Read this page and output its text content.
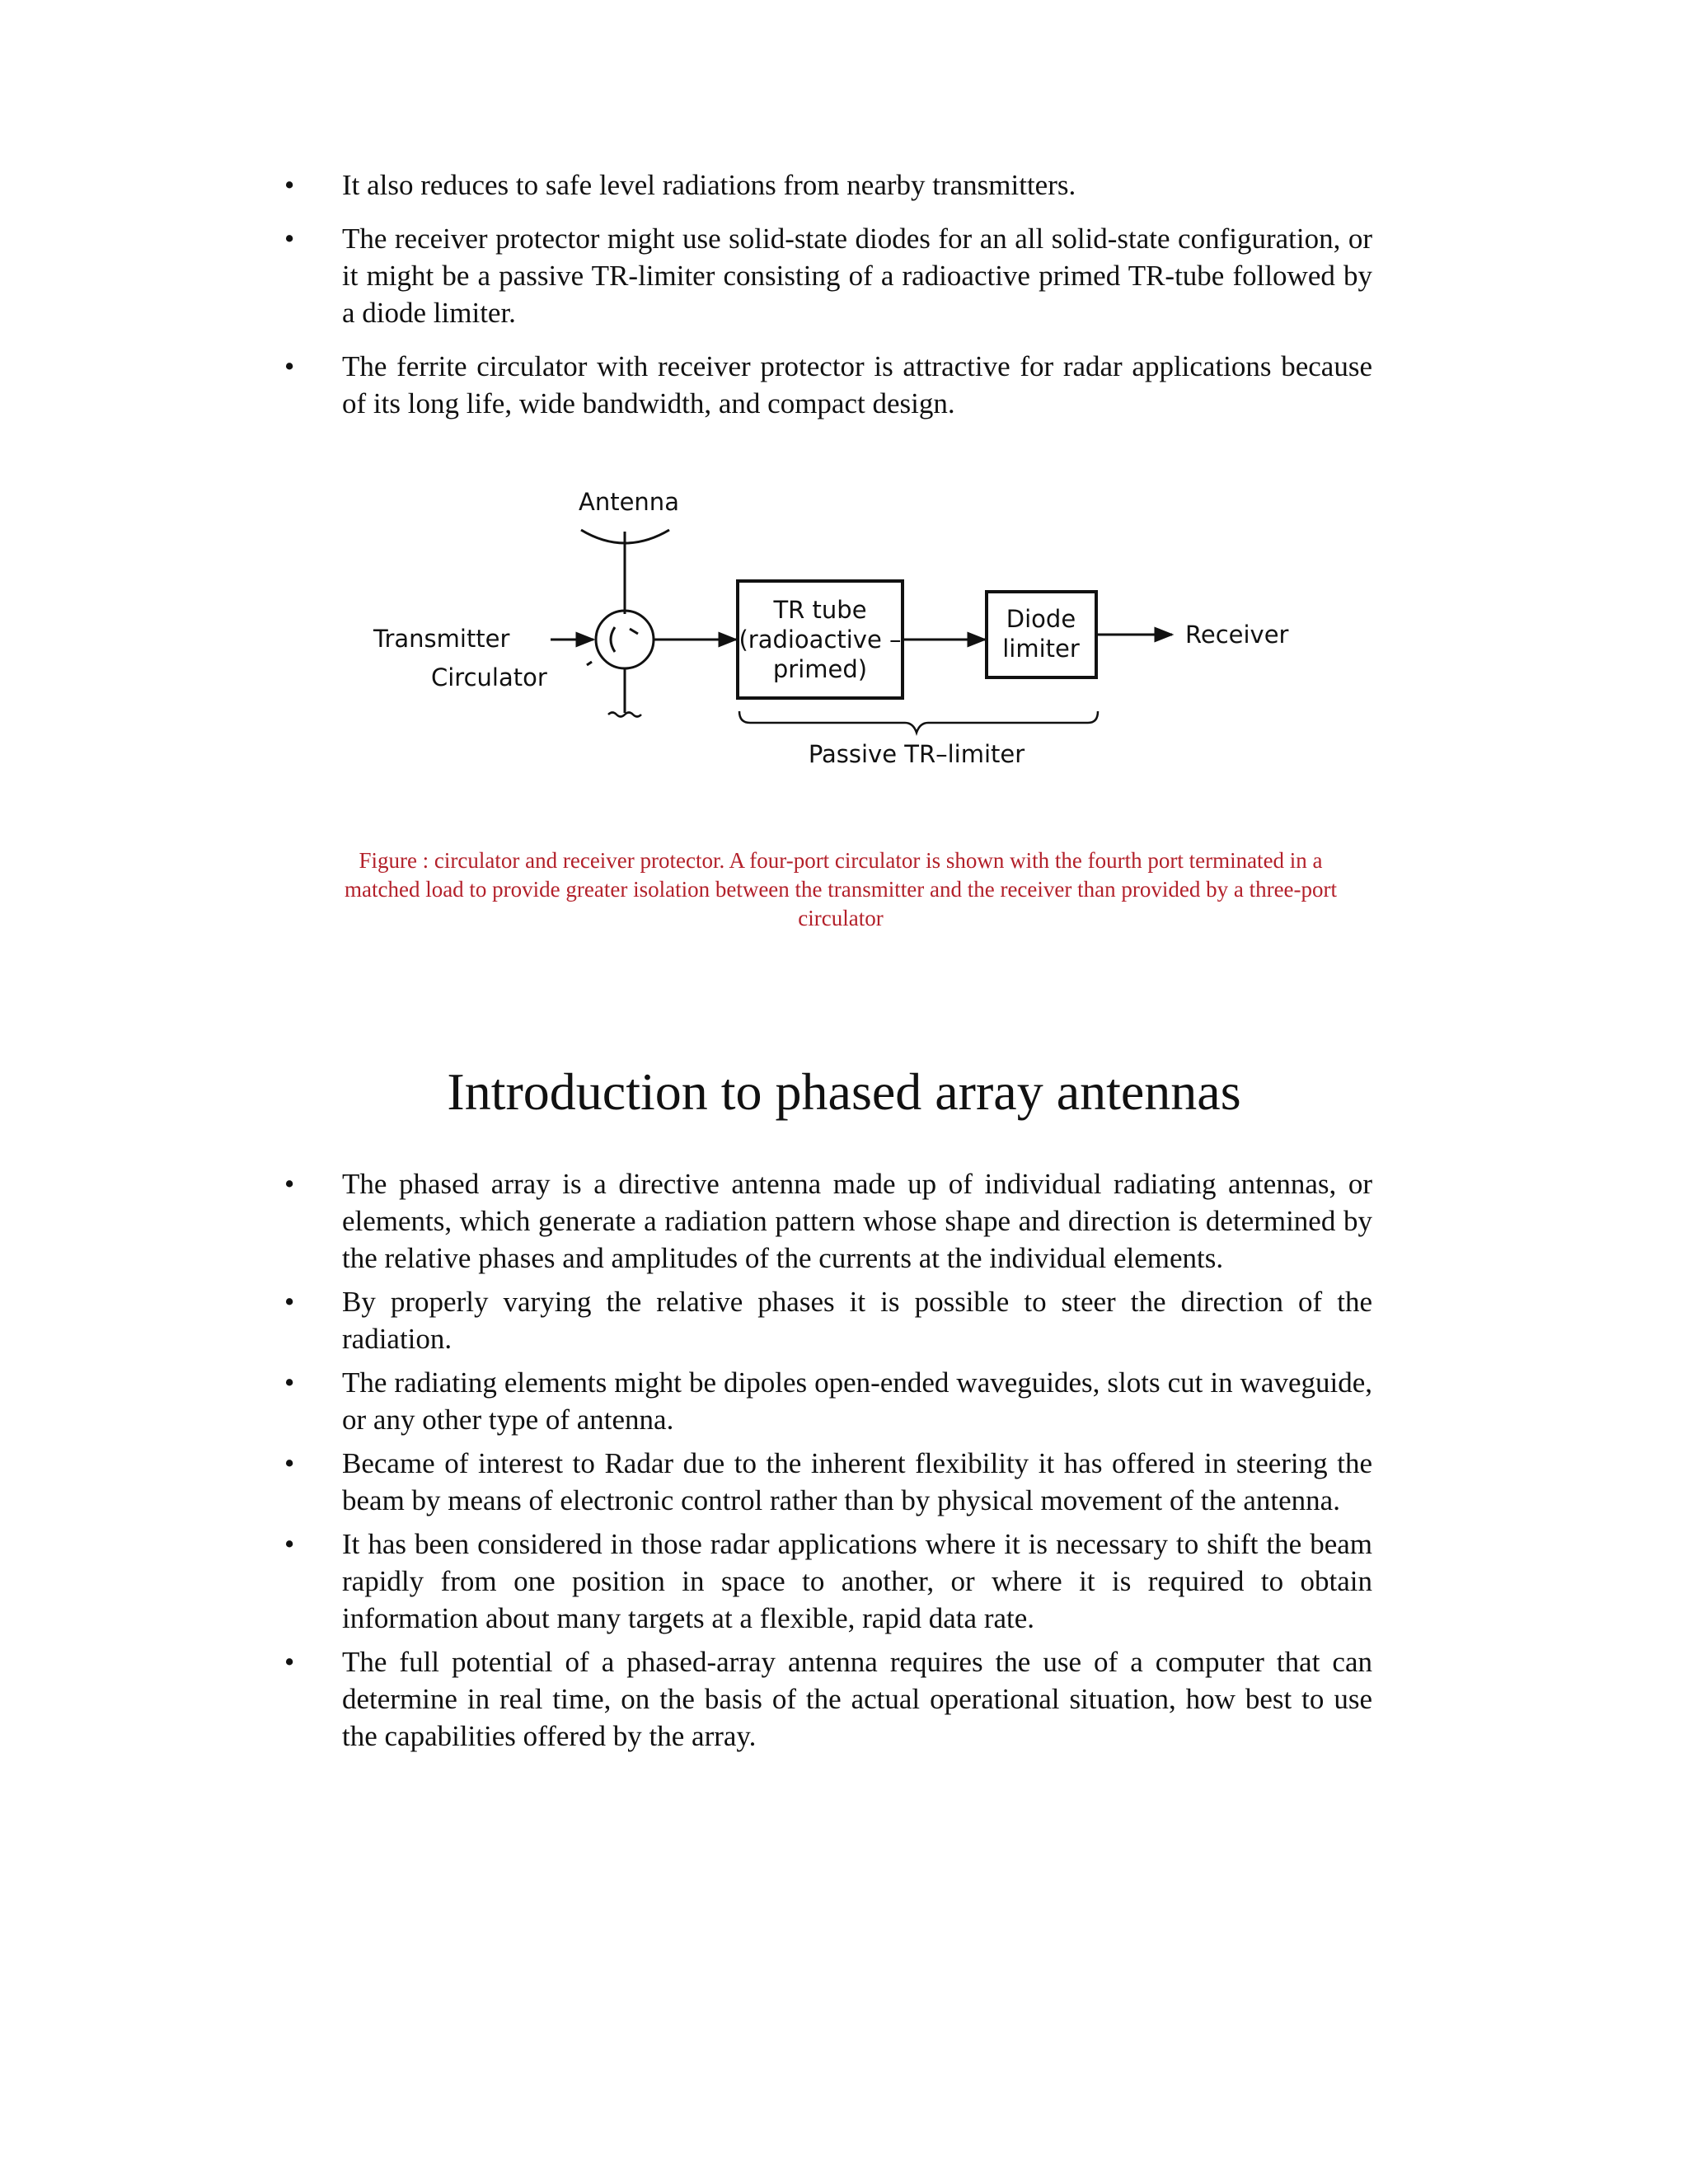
•	It also reduces to safe level radiations from nearby transmitters.
•	The receiver protector might use solid-state diodes for an all solid-state configuration, or it might be a passive TR-limiter consisting of a radioactive primed TR-tube followed by a diode limiter.
•	The ferrite circulator with receiver protector is attractive for radar applications because of its long life, wide bandwidth, and compact design.
Antenna
Transmitter
Circulator
TR tube
(radioactive –
primed)
Diode
limiter	Receiver
Passive TR–limiter
Figure : circulator and receiver protector. A four-port circulator is shown with the fourth port terminated in a matched load to provide greater isolation between the transmitter and the receiver than provided by a three-port circulator
Introduction to phased array antennas
•	The phased array is a directive antenna made up of individual radiating antennas, or elements, which generate a radiation pattern whose shape and direction is determined by the relative phases and amplitudes of the currents at the individual elements.
•	By properly varying the relative phases it is possible to steer the direction of the radiation.
•	The radiating elements might be dipoles open-ended waveguides, slots cut in waveguide, or any other type of antenna.
•	Became of interest to Radar due to the inherent flexibility it has offered in steering the beam by means of electronic control rather than by physical movement of the antenna.
•	It has been considered in those radar applications where it is necessary to shift the beam rapidly from one position in space to another, or where it is required to obtain information about many targets at a flexible, rapid data rate.
•	The full potential of a phased-array antenna requires the use of a computer that can determine in real time, on the basis of the actual operational situation, how best to use the capabilities offered by the array.
